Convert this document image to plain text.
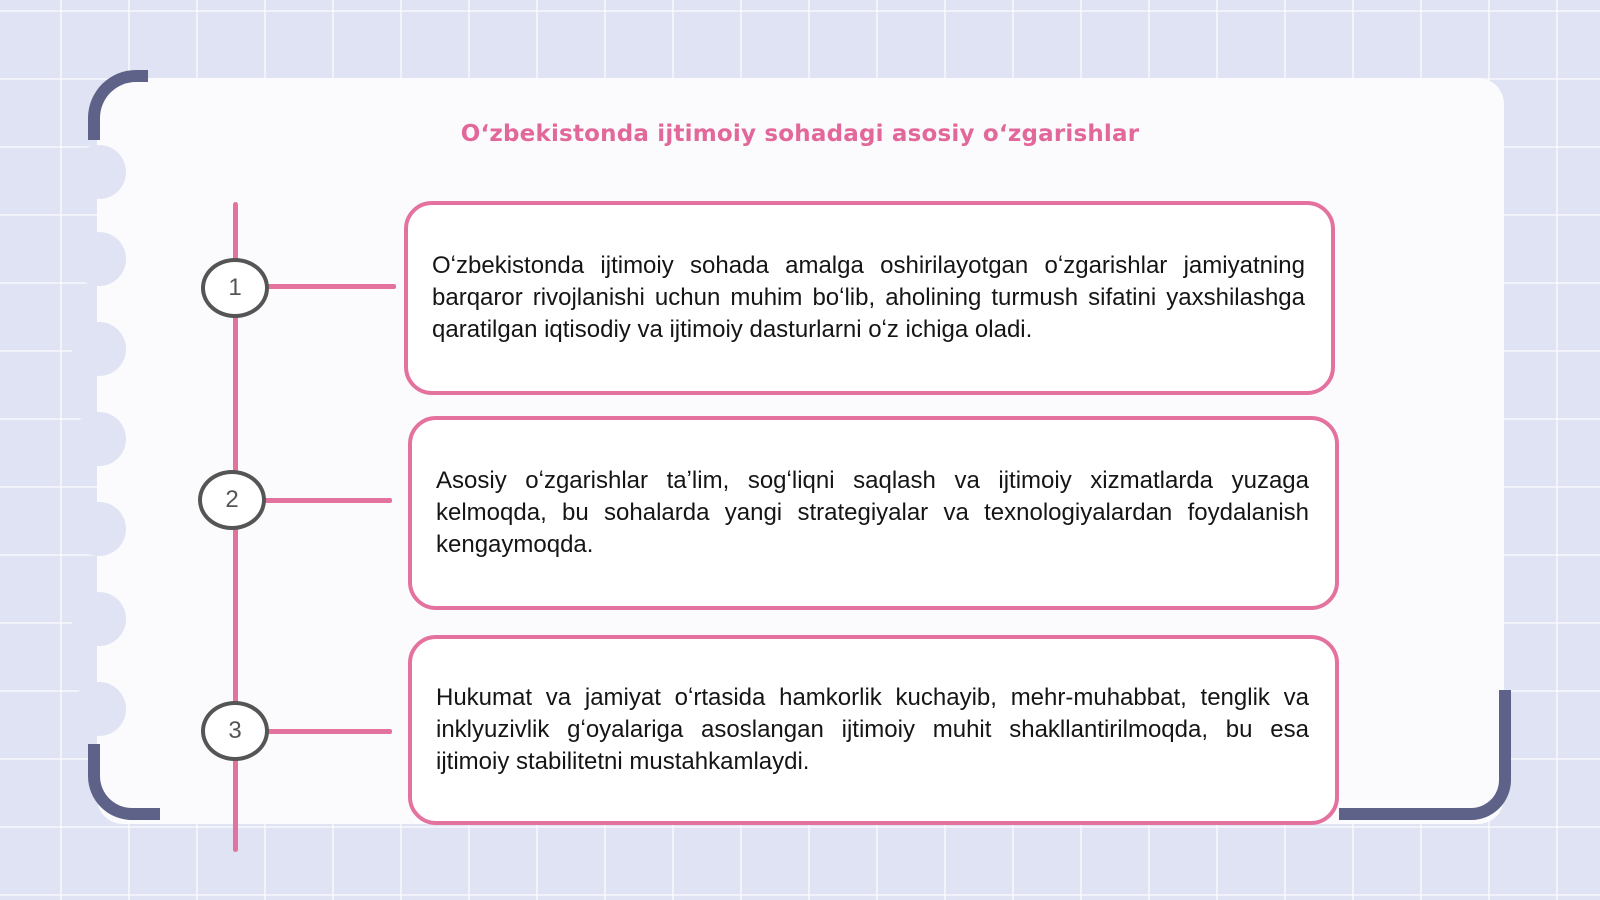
Oʻzbekistonda ijtimoiy sohadagi asosiy oʻzgarishlar
1
2
3

Oʻzbekistonda ijtimoiy sohada amalga oshirilayotgan oʻzgarishlar jamiyatning barqaror rivojlanishi uchun muhim boʻlib, aholining turmush sifatini yaxshilashga qaratilgan iqtisodiy va ijtimoiy dasturlarni oʻz ichiga oladi.

Asosiy oʻzgarishlar taʼlim, sogʻliqni saqlash va ijtimoiy xizmatlarda yuzaga kelmoqda, bu sohalarda yangi strategiyalar va texnologiyalardan foydalanish kengaymoqda.

Hukumat va jamiyat oʻrtasida hamkorlik kuchayib, mehr-muhabbat, tenglik va inklyuzivlik gʻoyalariga asoslangan ijtimoiy muhit shakllantirilmoqda, bu esa ijtimoiy stabilitetni mustahkamlaydi.
